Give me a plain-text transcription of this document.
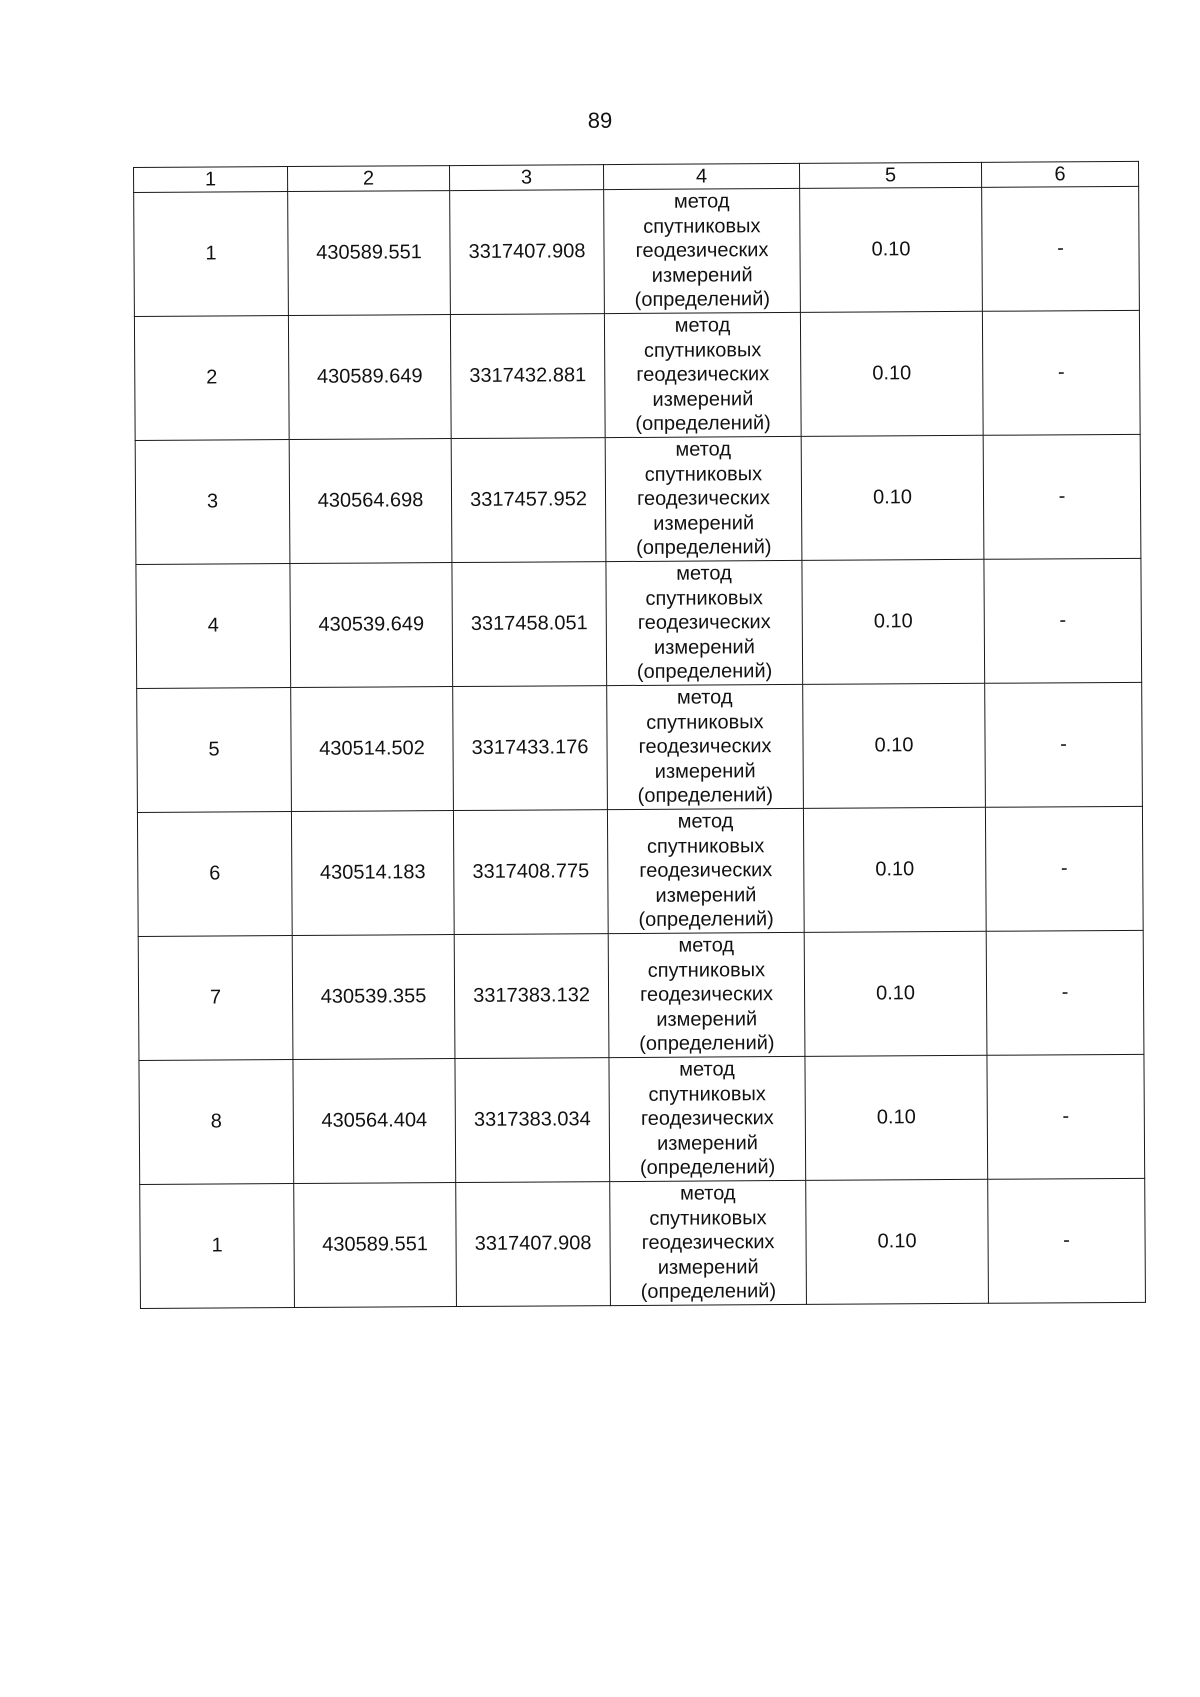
89
1	2	3	4	5	6
1	430589.551	3317407.908	метод
спутниковых
геодезических
измерений
(определений)	0.10	-
2	430589.649	3317432.881	метод
спутниковых
геодезических
измерений
(определений)	0.10	-
3	430564.698	3317457.952	метод
спутниковых
геодезических
измерений
(определений)	0.10	-
4	430539.649	3317458.051	метод
спутниковых
геодезических
измерений
(определений)	0.10	-
5	430514.502	3317433.176	метод
спутниковых
геодезических
измерений
(определений)	0.10	-
6	430514.183	3317408.775	метод
спутниковых
геодезических
измерений
(определений)	0.10	-
7	430539.355	3317383.132	метод
спутниковых
геодезических
измерений
(определений)	0.10	-
8	430564.404	3317383.034	метод
спутниковых
геодезических
измерений
(определений)	0.10	-
1	430589.551	3317407.908	метод
спутниковых
геодезических
измерений
(определений)	0.10	-
